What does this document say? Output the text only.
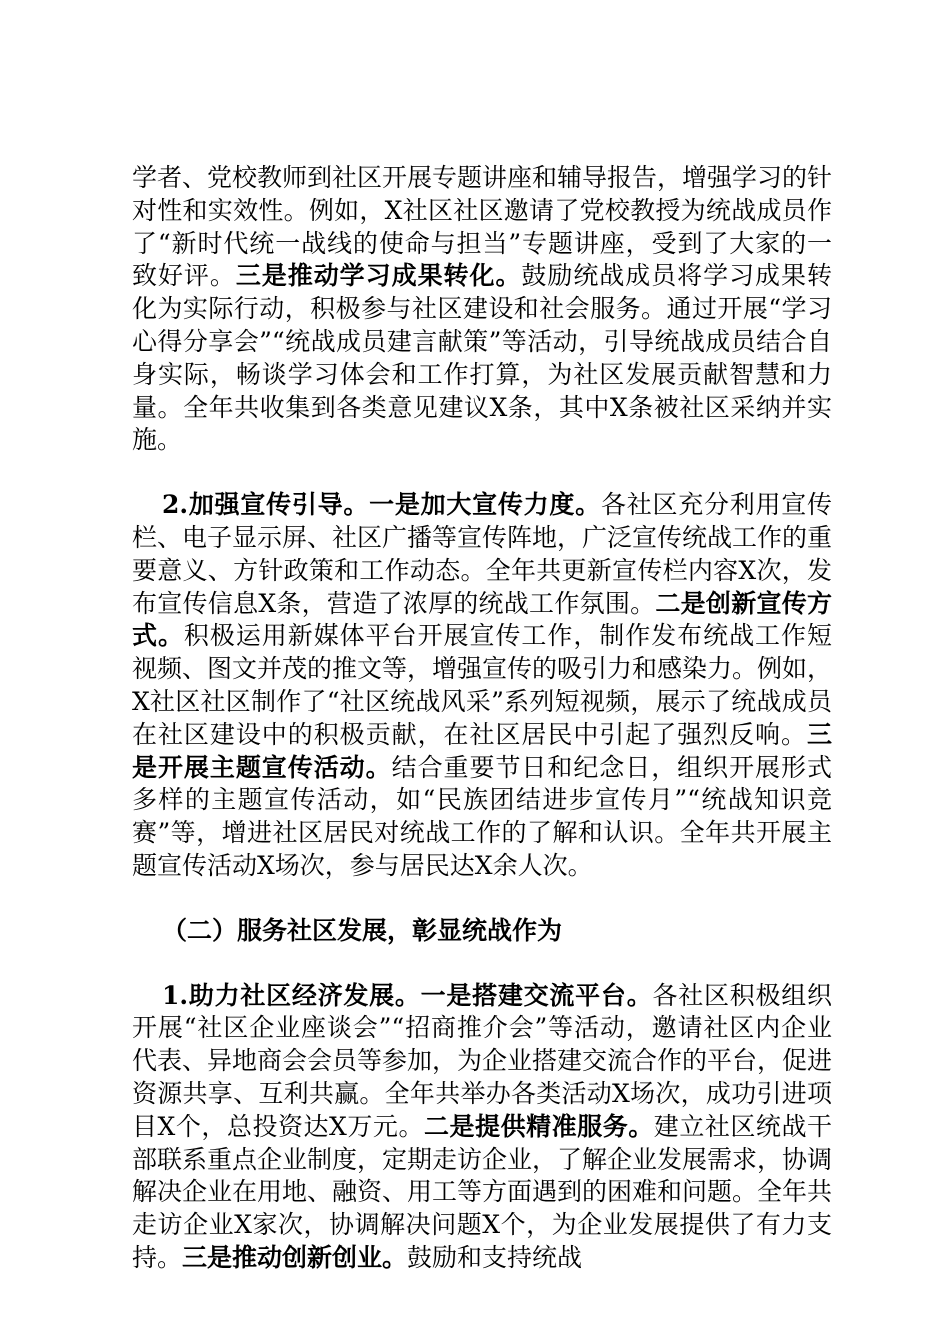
学者、党校教师到社区开展专题讲座和辅导报告，增强学习的针对性和实效性。例如，X社区社区邀请了党校教授为统战成员作了“新时代统一战线的使命与担当”专题讲座，受到了大家的一致好评。三是推动学习成果转化。鼓励统战成员将学习成果转化为实际行动，积极参与社区建设和社会服务。通过开展“学习心得分享会”“统战成员建言献策”等活动，引导统战成员结合自身实际，畅谈学习体会和工作打算，为社区发展贡献智慧和力量。全年共收集到各类意见建议X条，其中X条被社区采纳并实施。

2.加强宣传引导。一是加大宣传力度。各社区充分利用宣传栏、电子显示屏、社区广播等宣传阵地，广泛宣传统战工作的重要意义、方针政策和工作动态。全年共更新宣传栏内容X次，发布宣传信息X条，营造了浓厚的统战工作氛围。二是创新宣传方式。积极运用新媒体平台开展宣传工作，制作发布统战工作短视频、图文并茂的推文等，增强宣传的吸引力和感染力。例如，X社区社区制作了“社区统战风采”系列短视频，展示了统战成员在社区建设中的积极贡献，在社区居民中引起了强烈反响。三是开展主题宣传活动。结合重要节日和纪念日，组织开展形式多样的主题宣传活动，如“民族团结进步宣传月”“统战知识竞赛”等，增进社区居民对统战工作的了解和认识。全年共开展主题宣传活动X场次，参与居民达X余人次。

（二）服务社区发展，彰显统战作为

1.助力社区经济发展。一是搭建交流平台。各社区积极组织开展“社区企业座谈会”“招商推介会”等活动，邀请社区内企业代表、异地商会会员等参加，为企业搭建交流合作的平台，促进资源共享、互利共赢。全年共举办各类活动X场次，成功引进项目X个，总投资达X万元。二是提供精准服务。建立社区统战干部联系重点企业制度，定期走访企业，了解企业发展需求，协调解决企业在用地、融资、用工等方面遇到的困难和问题。全年共走访企业X家次，协调解决问题X个，为企业发展提供了有力支持。三是推动创新创业。鼓励和支持统战
